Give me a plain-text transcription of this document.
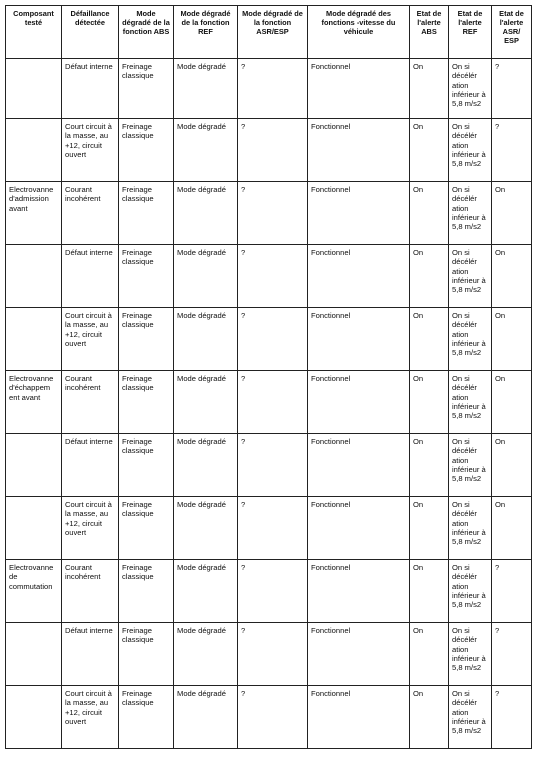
Composant testé	Défaillance détectée	Mode dégradé de la fonction ABS	Mode dégradé de la fonction REF	Mode dégradé de la fonction ASR/ESP	Mode dégradé des fonctions -vitesse du véhicule	Etat de l'alerte ABS	Etat de l'alerte REF	Etat de l'alerte ASR/ ESP
	Défaut interne	Freinage classique	Mode dégradé	?	Fonctionnel	On	On si décélér ation inférieur à 5,8 m/s2	?
	Court circuit à la masse, au +12, circuit ouvert	Freinage classique	Mode dégradé	?	Fonctionnel	On	On si décélér ation inférieur à 5,8 m/s2	?
Electrovanne d'admission avant	Courant incohérent	Freinage classique	Mode dégradé	?	Fonctionnel	On	On si décélér ation inférieur à 5,8 m/s2	On
	Défaut interne	Freinage classique	Mode dégradé	?	Fonctionnel	On	On si décélér ation inférieur à 5,8 m/s2	On
	Court circuit à la masse, au +12, circuit ouvert	Freinage classique	Mode dégradé	?	Fonctionnel	On	On si décélér ation inférieur à 5,8 m/s2	On
Electrovanne d'échappem ent avant	Courant incohérent	Freinage classique	Mode dégradé	?	Fonctionnel	On	On si décélér ation inférieur à 5,8 m/s2	On
	Défaut interne	Freinage classique	Mode dégradé	?	Fonctionnel	On	On si décélér ation inférieur à 5,8 m/s2	On
	Court circuit à la masse, au +12, circuit ouvert	Freinage classique	Mode dégradé	?	Fonctionnel	On	On si décélér ation inférieur à 5,8 m/s2	On
Electrovanne de commutation	Courant incohérent	Freinage classique	Mode dégradé	?	Fonctionnel	On	On si décélér ation inférieur à 5,8 m/s2	?
	Défaut interne	Freinage classique	Mode dégradé	?	Fonctionnel	On	On si décélér ation inférieur à 5,8 m/s2	?
	Court circuit à la masse, au +12, circuit ouvert	Freinage classique	Mode dégradé	?	Fonctionnel	On	On si décélér ation inférieur à 5,8 m/s2	?
